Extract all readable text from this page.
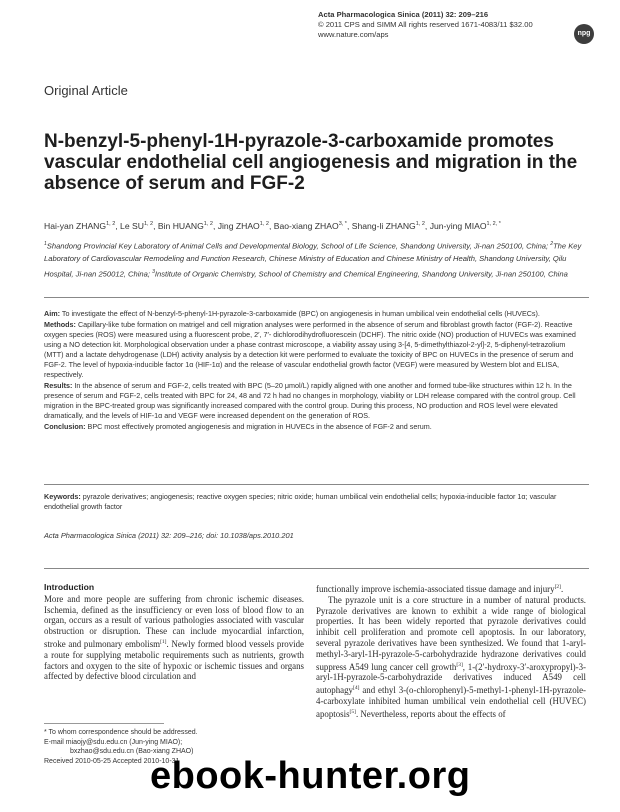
Acta Pharmacologica Sinica (2011) 32: 209–216
© 2011 CPS and SIMM All rights reserved 1671-4083/11 $32.00
www.nature.com/aps	npg
Original Article
N-benzyl-5-phenyl-1H-pyrazole-3-carboxamide promotes vascular endothelial cell angiogenesis and migration in the absence of serum and FGF-2
Hai-yan ZHANG$^{1, 2}$, Le SU$^{1, 2}$, Bin HUANG$^{1, 2}$, Jing ZHAO$^{1, 2}$, Bao-xiang $ZHAO^{3, *}$, Shang-li ZHANG$^{1, 2}$, Jun-ying $MIAO^{1, 2, *}$
$^1$Shandong Provincial Key Laboratory of Animal Cells and Developmental Biology, School of Life Science, Shandong University, Ji-nan 250100, China; $^2$The Key Laboratory of Cardiovascular Remodeling and Function Research, Chinese Ministry of Education and Chinese Ministry of Health, Shandong University, Qilu Hospital, Ji-nan 250012, China; $^3$Institute of Organic Chemistry, School of Chemistry and Chemical Engineering, Shandong University, Ji-nan 250100, China

Aim: To investigate the effect of N-benzyl-5-phenyl-1H-pyrazole-3-carboxamide (BPC) on angiogenesis in human umbilical vein endothelial cells (HUVECs).

Methods: Capillary-like tube formation on matrigel and cell migration analyses were performed in the absence of serum and fibroblast growth factor (FGF-2). Reactive oxygen species (ROS) were measured using a fluorescent probe, 2′, 7′- dichlorodihydrofluorescein (DCHF). The nitric oxide (NO) production of HUVECs was examined using a NO detection kit. Morphological observation under a phase contrast microscope, a viability assay using 3-[4, 5-dimethylthiazol-2-yl]-2, 5-diphenyl-tetrazolium (MTT) and a lactate dehydrogenase (LDH) activity analysis by a detection kit were performed to evaluate the toxicity of BPC on HUVECs in the presence of serum and FGF-2. The level of hypoxia-inducible factor 1α (HIF-1α) and the release of vascular endothelial growth factor (VEGF) were measured by Western blot and ELISA, respectively.

Results: In the absence of serum and FGF-2, cells treated with BPC (5–20 μmol/L) rapidly aligned with one another and formed tube-like structures within 12 h. In the presence of serum and FGF-2, cells treated with BPC for 24, 48 and 72 h had no changes in morphology, viability or LDH release compared with the control group. Cell migration in the BPC-treated group was significantly increased compared with the control group. During this process, NO production and ROS level were elevated dramatically, and the levels of HIF-1α and VEGF were increased dependent on the generation of ROS.

Conclusion: BPC most effectively promoted angiogenesis and migration in HUVECs in the absence of FGF-2 and serum.

Keywords: pyrazole derivatives; angiogenesis; reactive oxygen species; nitric oxide; human umbilical vein endothelial cells; hypoxia-inducible factor 1α; vascular endothelial growth factor
Acta Pharmacologica Sinica (2011) 32: 209–216; doi: 10.1038/aps.2010.201
Introduction
More and more people are suffering from chronic ischemic diseases. Ischemia, defined as the insufficiency or even loss of blood flow to an organ, occurs as a result of various pathologies associated with vascular obstruction or disruption. These can include myocardial infarction, stroke and pulmonary embolism[1]. Newly formed blood vessels provide a route for supplying metabolic requirements such as nutrients, growth factors and oxygen to the site of hypoxic or ischemic tissues and organs affected by defective blood circulation and

functionally improve ischemia-associated tissue damage and injury[2].

The pyrazole unit is a core structure in a number of natural products. Pyrazole derivatives are known to exhibit a wide range of biological properties. It has been widely reported that pyrazole derivatives could inhibit cell proliferation and promote cell apoptosis. In our laboratory, several pyrazole derivatives have been synthesized. We found that 1-aryl-methyl-3-aryl-1H-pyrazole-5-carbohydrazide hydrazone derivatives could suppress A549 lung cancer cell growth[3], 1-(2′-hydroxy-3′-aroxypropyl)-3-aryl-1H-pyrazole-5-carbohydrazide derivatives induced A549 cell autophagy[4] and ethyl 3-(o-chlorophenyl)-5-methyl-1-phenyl-1H-pyrazole-4-carboxylate inhibited human umbilical vein endothelial cell (HUVEC) apoptosis[5]. Nevertheless, reports about the effects of

* To whom correspondence should be addressed.
E-mail miaojy@sdu.edu.cn (Jun-ying MIAO);
bxzhao@sdu.edu.cn (Bao-xiang ZHAO)
Received 2010-05-25 Accepted 2010-10-31
ebook-hunter.org
